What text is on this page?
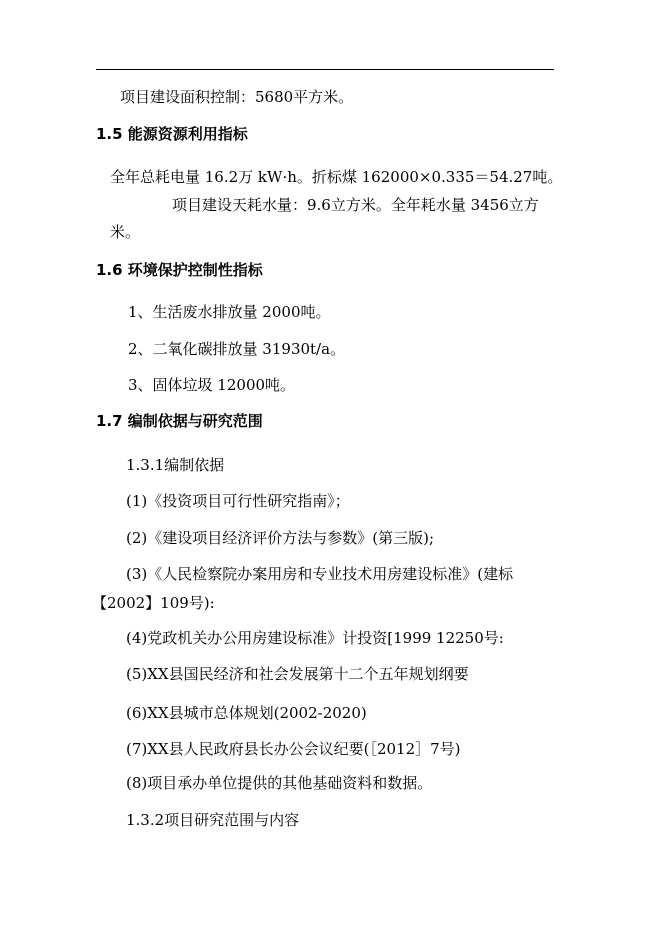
项目建设面积控制：5680平方米。
1.5 能源资源利用指标
全年总耗电量 16.2万 kW·h。折标煤 162000×0.335＝54.27吨。
项目建设天耗水量：9.6立方米。全年耗水量 3456立方
米。
1.6 环境保护控制性指标
1、生活废水排放量 2000吨。
2、二氧化碳排放量 31930t/a。
3、固体垃圾 12000吨。
1.7 编制依据与研究范围
1.3.1编制依据
(1)《投资项目可行性研究指南》；
(2)《建设项目经济评价方法与参数》(第三版);
(3)《人民检察院办案用房和专业技术用房建设标准》(建标
【2002】109号):
(4)党政机关办公用房建设标准》计投资[1999 12250号:
(5)XX县国民经济和社会发展第十二个五年规划纲要
(6)XX县城市总体规划(2002-2020)
(7)XX县人民政府县长办公会议纪要(［2012］7号)
(8)项目承办单位提供的其他基础资料和数据。
1.3.2项目研究范围与内容
